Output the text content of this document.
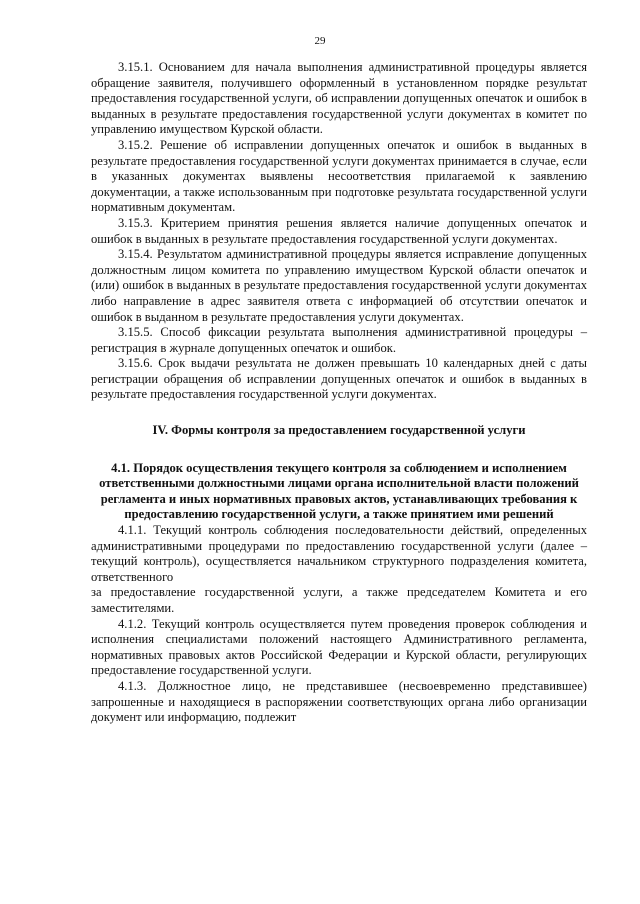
29

3.15.1. Основанием для начала выполнения административной процедуры является обращение заявителя, получившего оформленный в установленном порядке результат предоставления государственной услуги, об исправлении допущенных опечаток и ошибок в выданных в результате предоставления государственной услуги документах в комитет по управлению имуществом Курской области.

3.15.2. Решение об исправлении допущенных опечаток и ошибок в выданных в результате предоставления государственной услуги документах принимается в случае, если в указанных документах выявлены несоответствия прилагаемой к заявлению документации, а также использованным при подготовке результата государственной услуги нормативным документам.

3.15.3. Критерием принятия решения является наличие допущенных опечаток и ошибок в выданных в результате предоставления государственной услуги документах.

3.15.4. Результатом административной процедуры является исправление допущенных должностным лицом комитета по управлению имуществом Курской области опечаток и (или) ошибок в выданных в результате предоставления государственной услуги документах либо направление в адрес заявителя ответа с информацией об отсутствии опечаток и ошибок в выданном в результате предоставления услуги документах.

3.15.5. Способ фиксации результата выполнения административной процедуры – регистрация в журнале допущенных опечаток и ошибок.

3.15.6. Срок выдачи результата не должен превышать 10 календарных дней с даты регистрации обращения об исправлении допущенных опечаток и ошибок в выданных в результате предоставления государственной услуги документах.

IV. Формы контроля за предоставлением государственной услуги

4.1. Порядок осуществления текущего контроля за соблюдением и исполнением ответственными должностными лицами органа исполнительной власти положений регламента и иных нормативных правовых актов, устанавливающих требования к предоставлению государственной услуги, а также принятием ими решений

4.1.1. Текущий контроль соблюдения последовательности действий, определенных административными процедурами по предоставлению государственной услуги (далее – текущий контроль), осуществляется начальником структурного подразделения комитета, ответственного

за предоставление государственной услуги, а также председателем Комитета и его заместителями.

4.1.2. Текущий контроль осуществляется путем проведения проверок соблюдения и исполнения специалистами положений настоящего Административного регламента, нормативных правовых актов Российской Федерации и Курской области, регулирующих предоставление государственной услуги.

4.1.3. Должностное лицо, не представившее (несвоевременно представившее) запрошенные и находящиеся в распоряжении соответствующих органа либо организации документ или информацию, подлежит
